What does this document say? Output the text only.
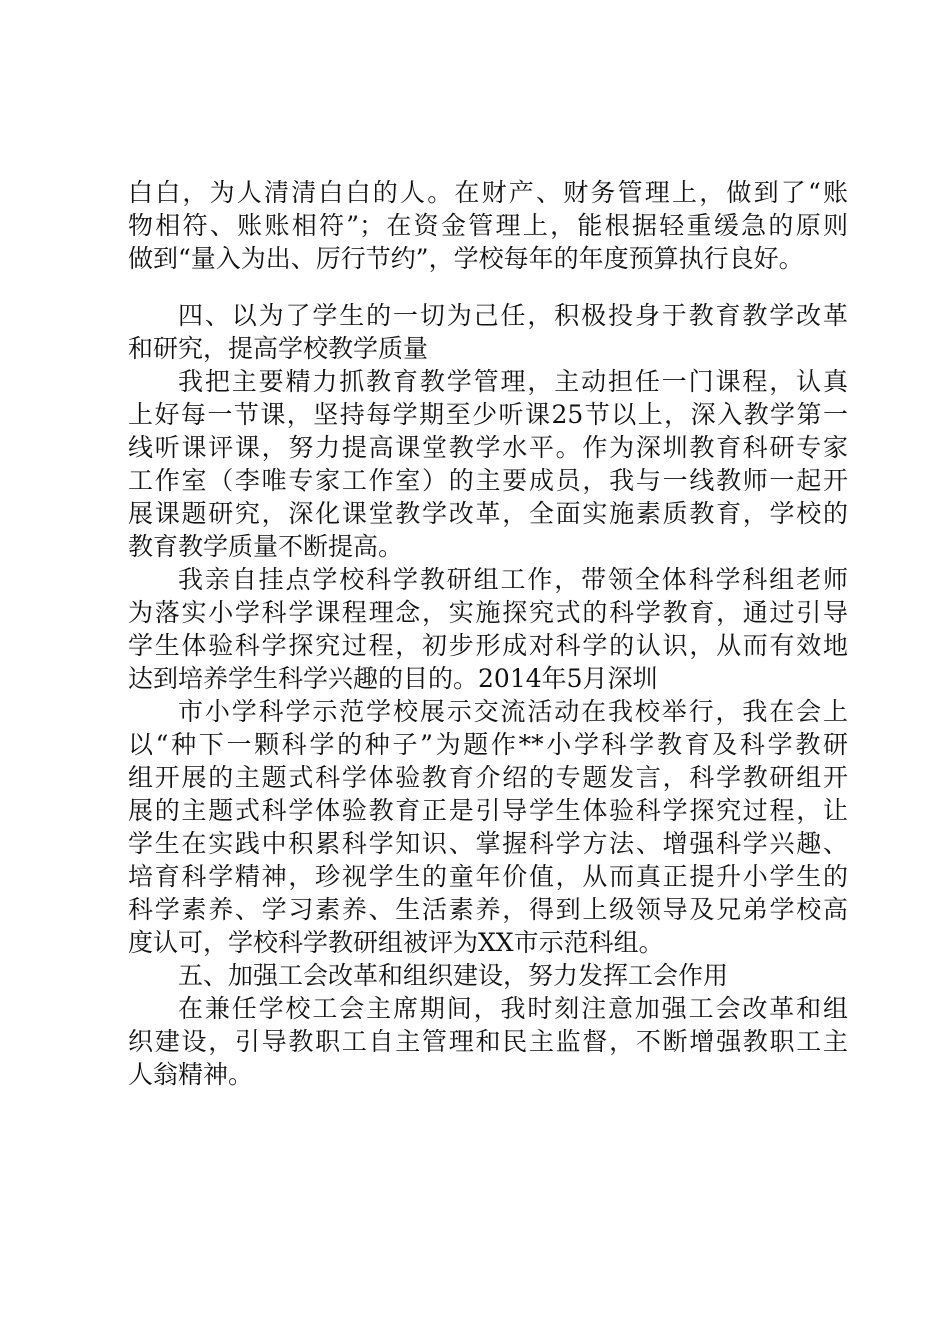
白白，为人清清白白的人。在财产、财务管理上，做到了“账
物相符、账账相符”；在资金管理上，能根据轻重缓急的原则
做到“量入为出、厉行节约”，学校每年的年度预算执行良好。
四、以为了学生的一切为己任，积极投身于教育教学改革
和研究，提高学校教学质量
我把主要精力抓教育教学管理，主动担任一门课程，认真
上好每一节课，坚持每学期至少听课25节以上，深入教学第一
线听课评课，努力提高课堂教学水平。作为深圳教育科研专家
工作室（李唯专家工作室）的主要成员，我与一线教师一起开
展课题研究，深化课堂教学改革，全面实施素质教育，学校的
教育教学质量不断提高。
我亲自挂点学校科学教研组工作，带领全体科学科组老师
为落实小学科学课程理念，实施探究式的科学教育，通过引导
学生体验科学探究过程，初步形成对科学的认识，从而有效地
达到培养学生科学兴趣的目的。2014年5月深圳
市小学科学示范学校展示交流活动在我校举行，我在会上
以“种下一颗科学的种子”为题作**小学科学教育及科学教研
组开展的主题式科学体验教育介绍的专题发言，科学教研组开
展的主题式科学体验教育正是引导学生体验科学探究过程，让
学生在实践中积累科学知识、掌握科学方法、增强科学兴趣、
培育科学精神，珍视学生的童年价值，从而真正提升小学生的
科学素养、学习素养、生活素养，得到上级领导及兄弟学校高
度认可，学校科学教研组被评为XX市示范科组。
五、加强工会改革和组织建设，努力发挥工会作用
在兼任学校工会主席期间，我时刻注意加强工会改革和组
织建设，引导教职工自主管理和民主监督，不断增强教职工主
人翁精神。
